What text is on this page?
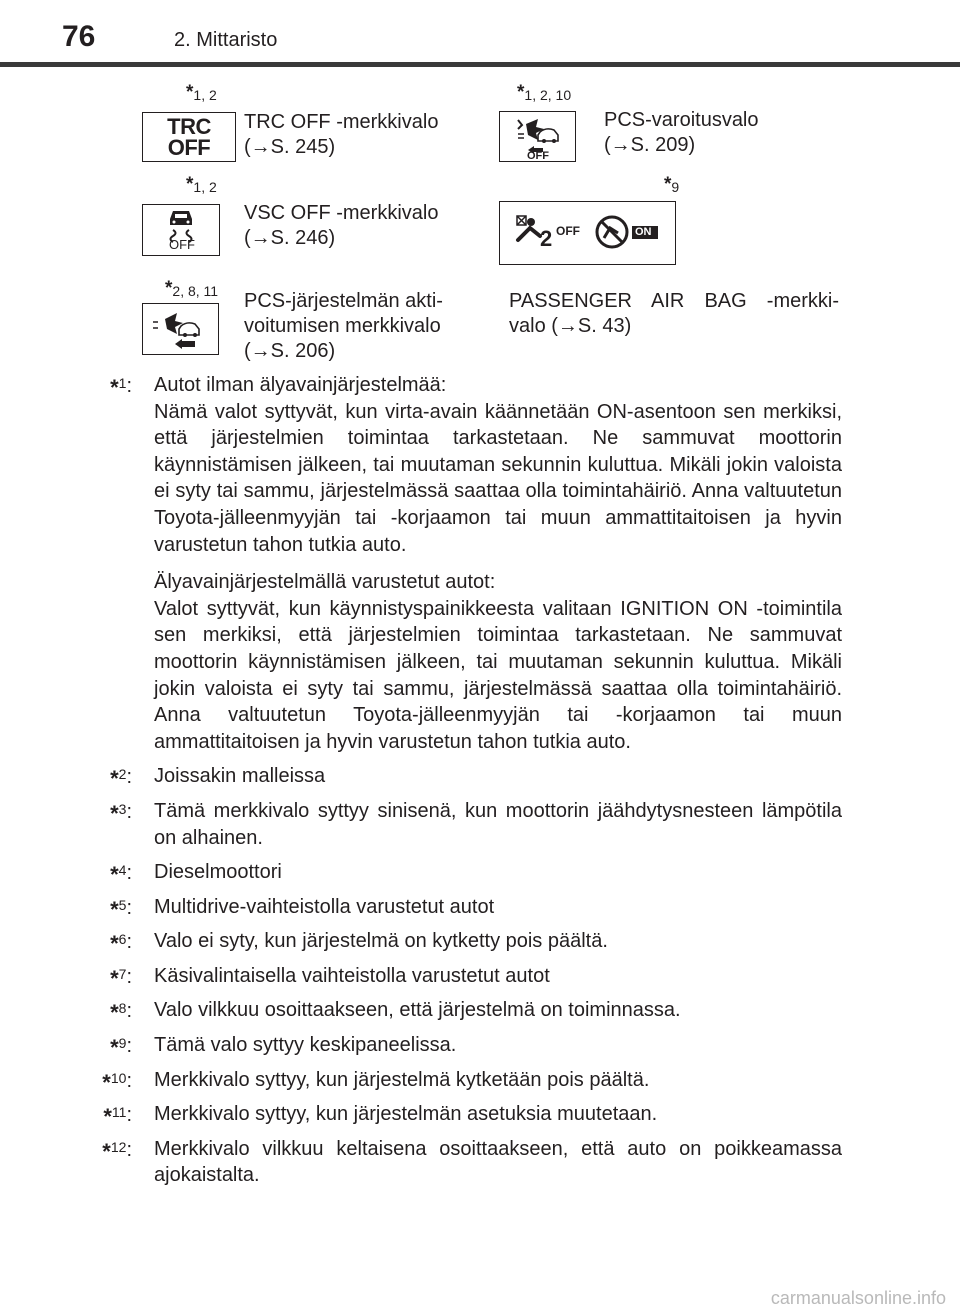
76	2. Mittaristo
*1, 2
TRC
OFF
TRC OFF -merkkivalo
(→S. 245)
*1, 2, 10
OFF
PCS-varoitusvalo
(→S. 209)
*1, 2
OFF
VSC OFF -merkkivalo
(→S. 246)
*9
2 OFF	ON
*2, 8, 11 PCS-järjestelmän akti-
voitumisen merkkivalo
(→S. 206)
PASSENGER AIR BAG -merkki-
valo (→S. 43)
*$^1$: Autot ilman älyavainjärjestelmää:
Nämä valot syttyvät, kun virta-avain käännetään ON-asentoon sen merkiksi, että järjestelmien toimintaa tarkastetaan. Ne sammuvat moottorin käynnistämisen jälkeen, tai muutaman sekunnin kuluttua. Mikäli jokin valoista ei syty tai sammu, järjestelmässä saattaa olla toimintahäiriö. Anna valtuutetun Toyota-jälleenmyyjän tai -korjaamon tai muun ammattitaitoisen ja hyvin varustetun tahon tutkia auto.
Älyavainjärjestelmällä varustetut autot:
Valot syttyvät, kun käynnistyspainikkeesta valitaan IGNITION ON -toimintila sen merkiksi, että järjestelmien toimintaa tarkastetaan. Ne sammuvat moottorin käynnistämisen jälkeen, tai muutaman sekunnin kuluttua. Mikäli jokin valoista ei syty tai sammu, järjestelmässä saattaa olla toimintahäiriö. Anna valtuutetun Toyota-jälleenmyyjän tai -korjaamon tai muun ammattitaitoisen ja hyvin varustetun tahon tutkia auto.
*$^2$: Joissakin malleissa
*$^3$: Tämä merkkivalo syttyy sinisenä, kun moottorin jäähdytysnesteen lämpötila on alhainen.
*$^4$: Dieselmoottori
*$^5$: Multidrive-vaihteistolla varustetut autot
*$^6$: Valo ei syty, kun järjestelmä on kytketty pois päältä.
*$^7$: Käsivalintaisella vaihteistolla varustetut autot
*$^8$: Valo vilkkuu osoittaakseen, että järjestelmä on toiminnassa.
*$^9$: Tämä valo syttyy keskipaneelissa.
*$^{10}$: Merkkivalo syttyy, kun järjestelmä kytketään pois päältä.
*$^{11}$: Merkkivalo syttyy, kun järjestelmän asetuksia muutetaan.
*$^{12}$: Merkkivalo vilkkuu keltaisena osoittaakseen, että auto on poikkeamassa ajokaistalta.
carmanualsonline.info
